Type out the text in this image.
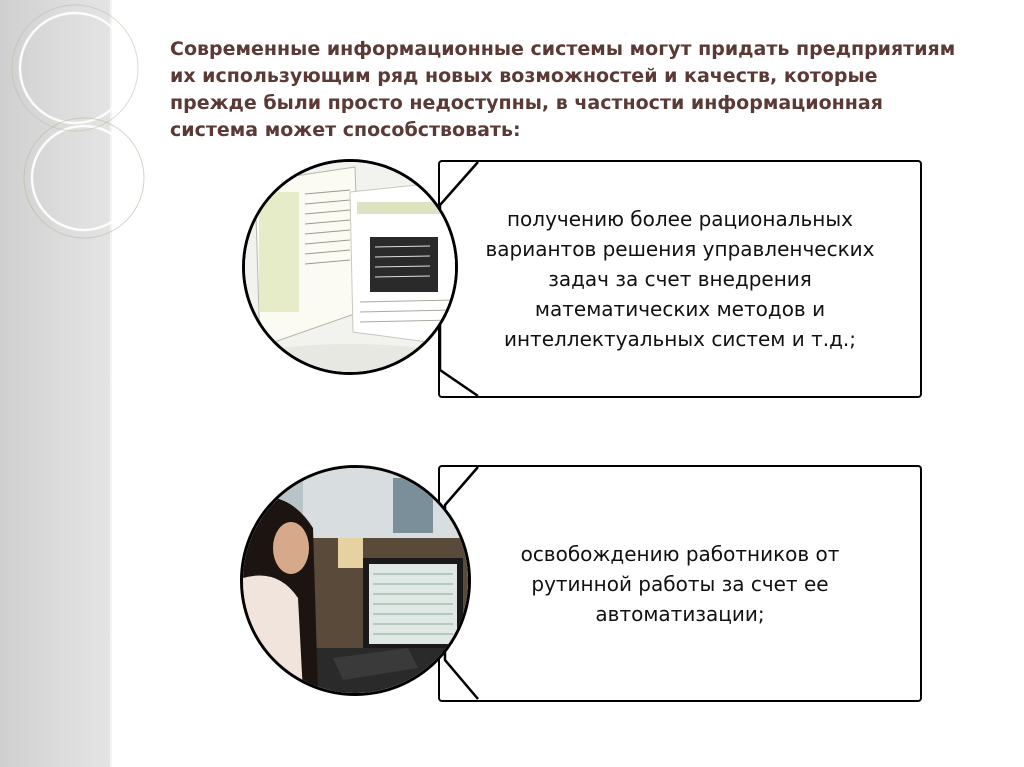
Современные информационные системы могут придать предприятиям их использующим ряд новых возможностей и качеств, которые прежде были просто недоступны, в частности информационная система может способствовать:
получению более рациональных вариантов решения управленческих задач за счет внедрения математических методов и интеллектуальных систем и т.д.;
освобождению работников от рутинной работы за счет ее автоматизации;
